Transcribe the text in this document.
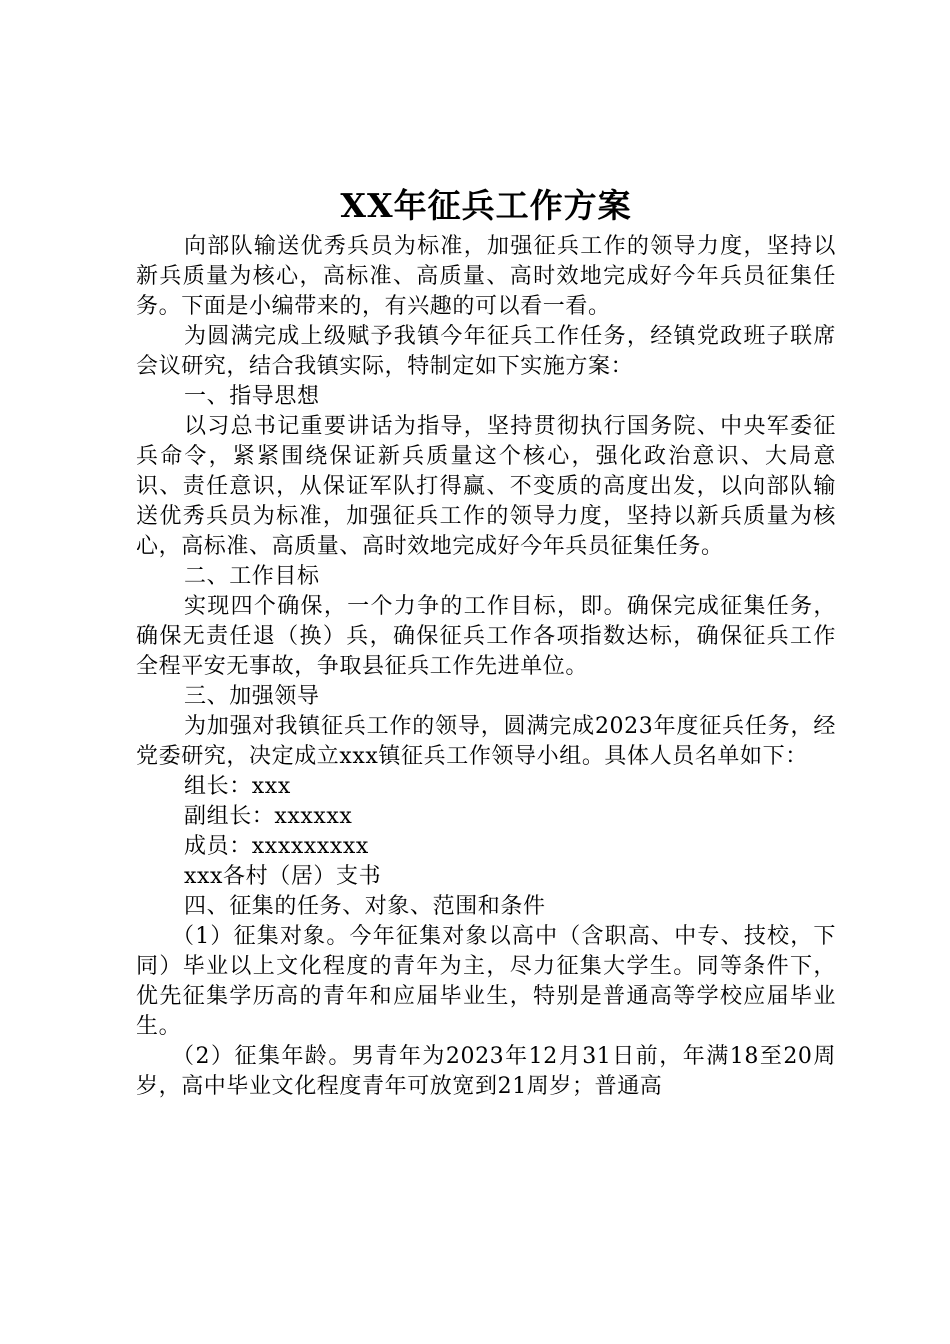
XX年征兵工作方案

向部队输送优秀兵员为标准，加强征兵工作的领导力度，坚持以新兵质量为核心，高标准、高质量、高时效地完成好今年兵员征集任务。下面是小编带来的，有兴趣的可以看一看。

为圆满完成上级赋予我镇今年征兵工作任务，经镇党政班子联席会议研究，结合我镇实际，特制定如下实施方案：

一、指导思想

以习总书记重要讲话为指导，坚持贯彻执行国务院、中央军委征兵命令，紧紧围绕保证新兵质量这个核心，强化政治意识、大局意识、责任意识，从保证军队打得赢、不变质的高度出发，以向部队输送优秀兵员为标准，加强征兵工作的领导力度，坚持以新兵质量为核心，高标准、高质量、高时效地完成好今年兵员征集任务。

二、工作目标

实现四个确保，一个力争的工作目标，即。确保完成征集任务，确保无责任退（换）兵，确保征兵工作各项指数达标，确保征兵工作全程平安无事故，争取县征兵工作先进单位。

三、加强领导

为加强对我镇征兵工作的领导，圆满完成2023年度征兵任务，经党委研究，决定成立xxx镇征兵工作领导小组。具体人员名单如下：

组长：xxx

副组长：xxxxxx

成员：xxxxxxxxx

xxx各村（居）支书

四、征集的任务、对象、范围和条件

（1）征集对象。今年征集对象以高中（含职高、中专、技校，下同）毕业以上文化程度的青年为主，尽力征集大学生。同等条件下，优先征集学历高的青年和应届毕业生，特别是普通高等学校应届毕业生。

（2）征集年龄。男青年为2023年12月31日前，年满18至20周岁，高中毕业文化程度青年可放宽到21周岁；普通高
